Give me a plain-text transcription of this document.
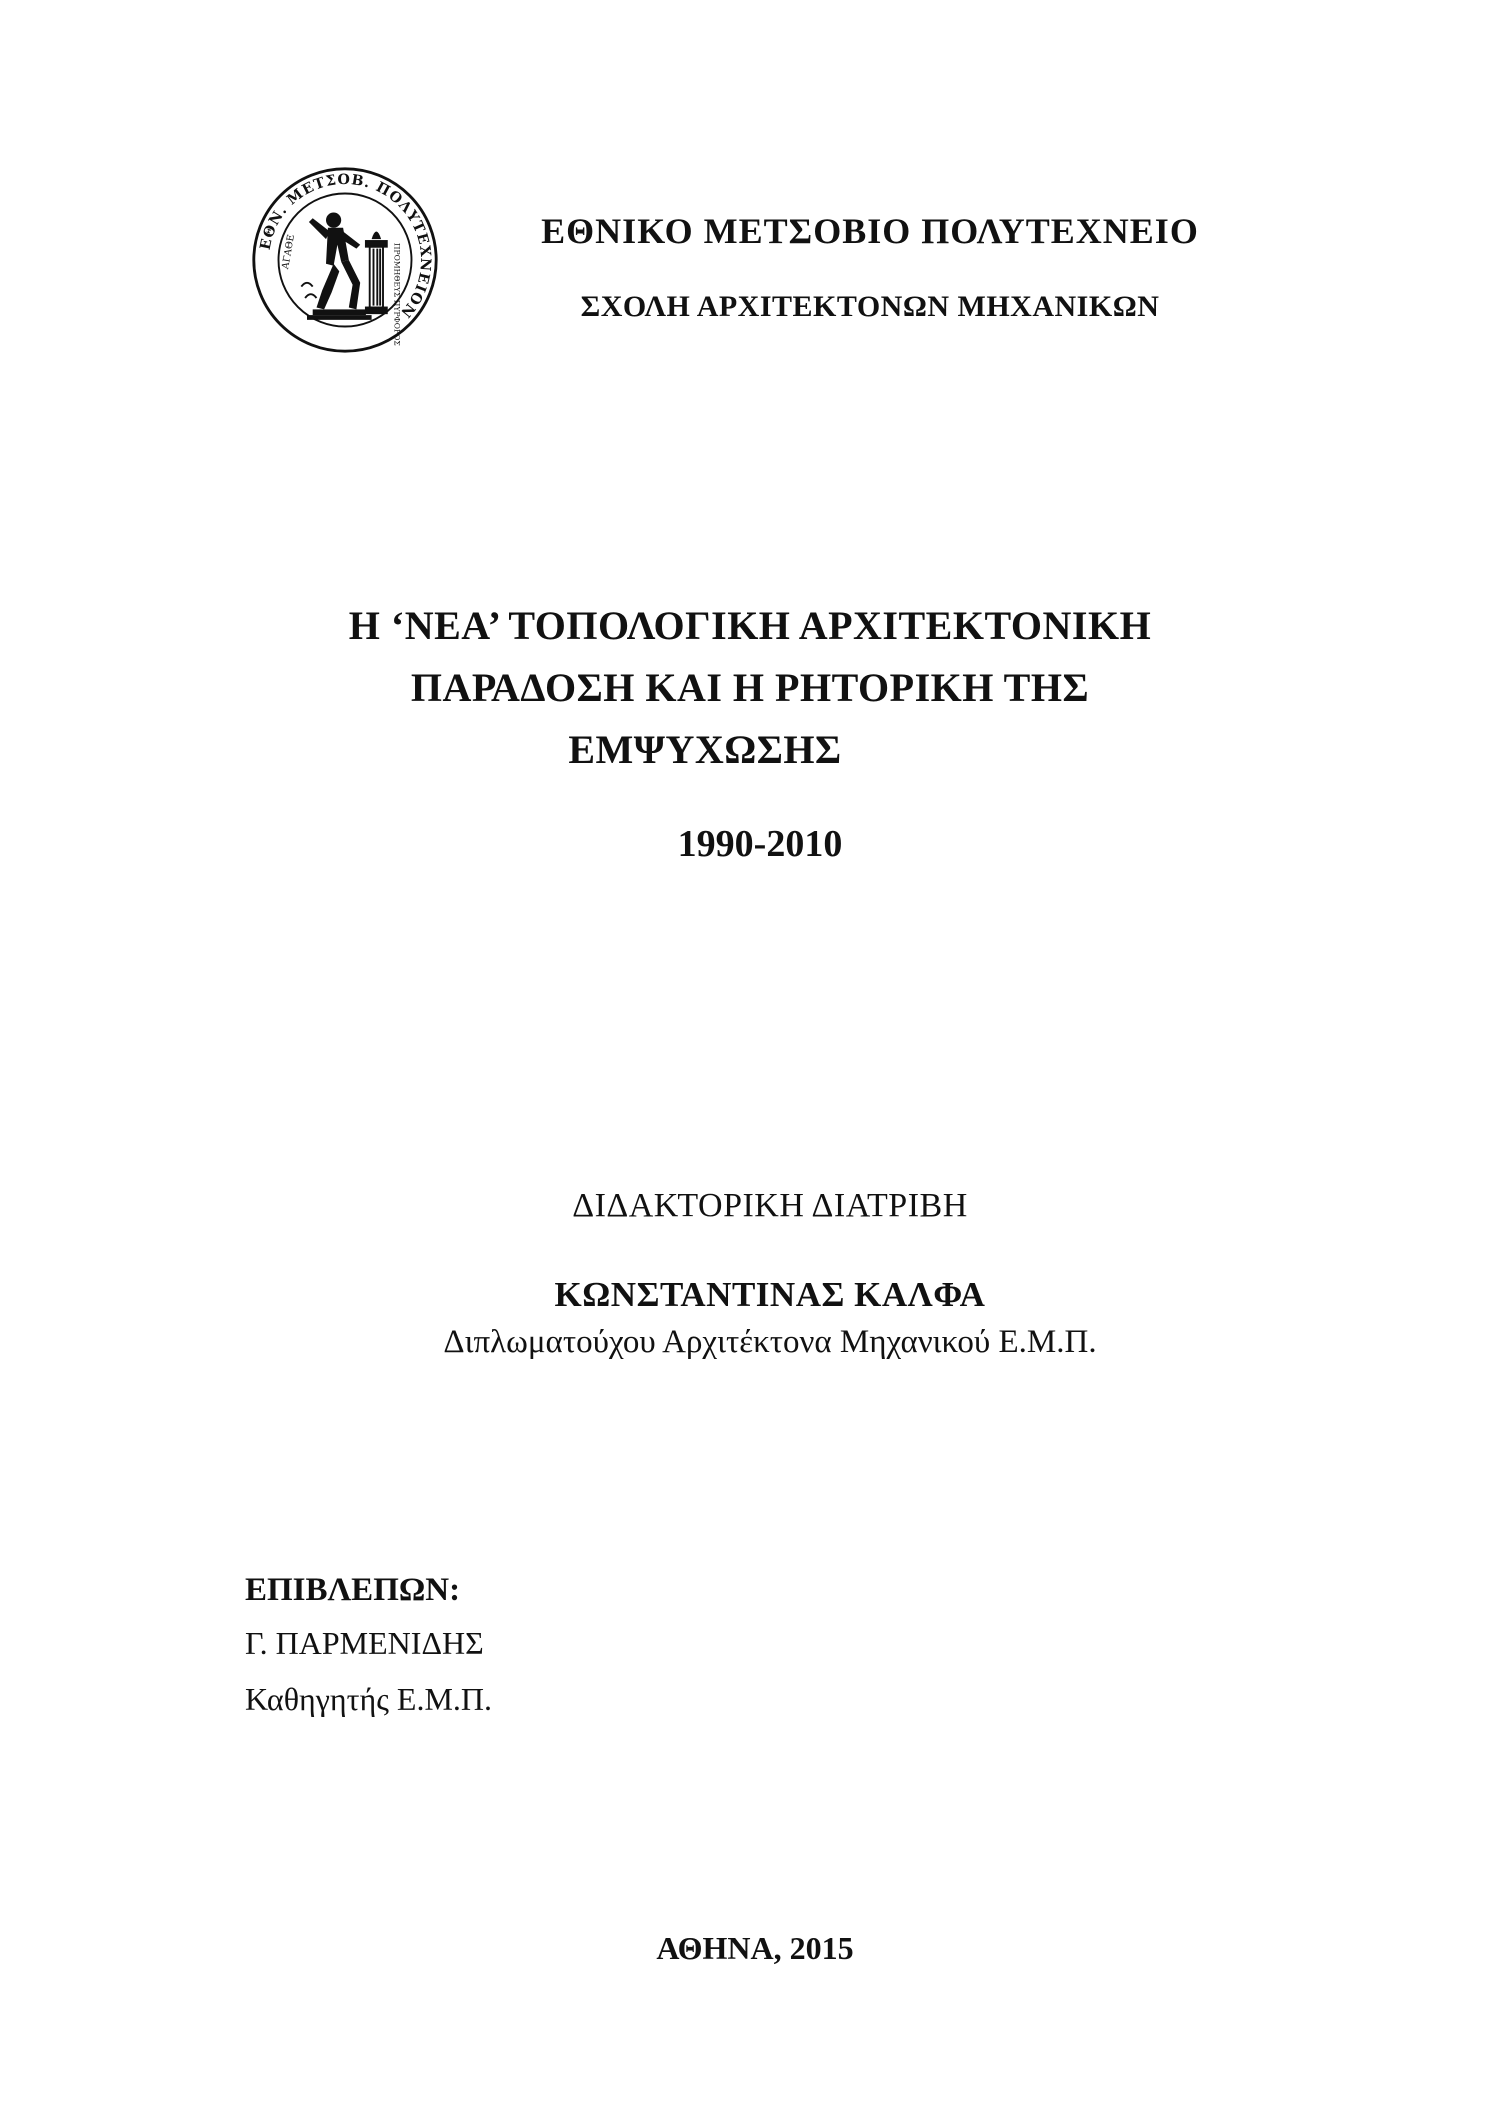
ΕΘΝ. ΜΕΤΣΟΒ. ΠΟΛΥΤΕΧΝΕΙΟΝ
ΑΓΑΘΕ	ΠΡΟΜΗΘΕΥΣ ΠΥΡΦΟΡΟΣ
ΕΘΝΙΚΟ ΜΕΤΣΟΒΙΟ ΠΟΛΥΤΕΧΝΕΙΟ
ΣΧΟΛΗ ΑΡΧΙΤΕΚΤΟΝΩΝ ΜΗΧΑΝΙΚΩΝ
Η ‘ΝΕΑ’ ΤΟΠΟΛΟΓΙΚΗ ΑΡΧΙΤΕΚΤΟΝΙΚΗ
ΠΑΡΑΔΟΣΗ ΚΑΙ Η ΡΗΤΟΡΙΚΗ ΤΗΣ
ΕΜΨΥΧΩΣΗΣ
1990-2010
ΔΙΔΑΚΤΟΡΙΚΗ ΔΙΑΤΡΙΒΗ
ΚΩΝΣΤΑΝΤΙΝΑΣ ΚΑΛΦΑ
Διπλωματούχου Αρχιτέκτονα Μηχανικού Ε.Μ.Π.
ΕΠΙΒΛΕΠΩΝ:
Γ. ΠΑΡΜΕΝΙΔΗΣ
Καθηγητής Ε.Μ.Π.
ΑΘΗΝΑ, 2015
